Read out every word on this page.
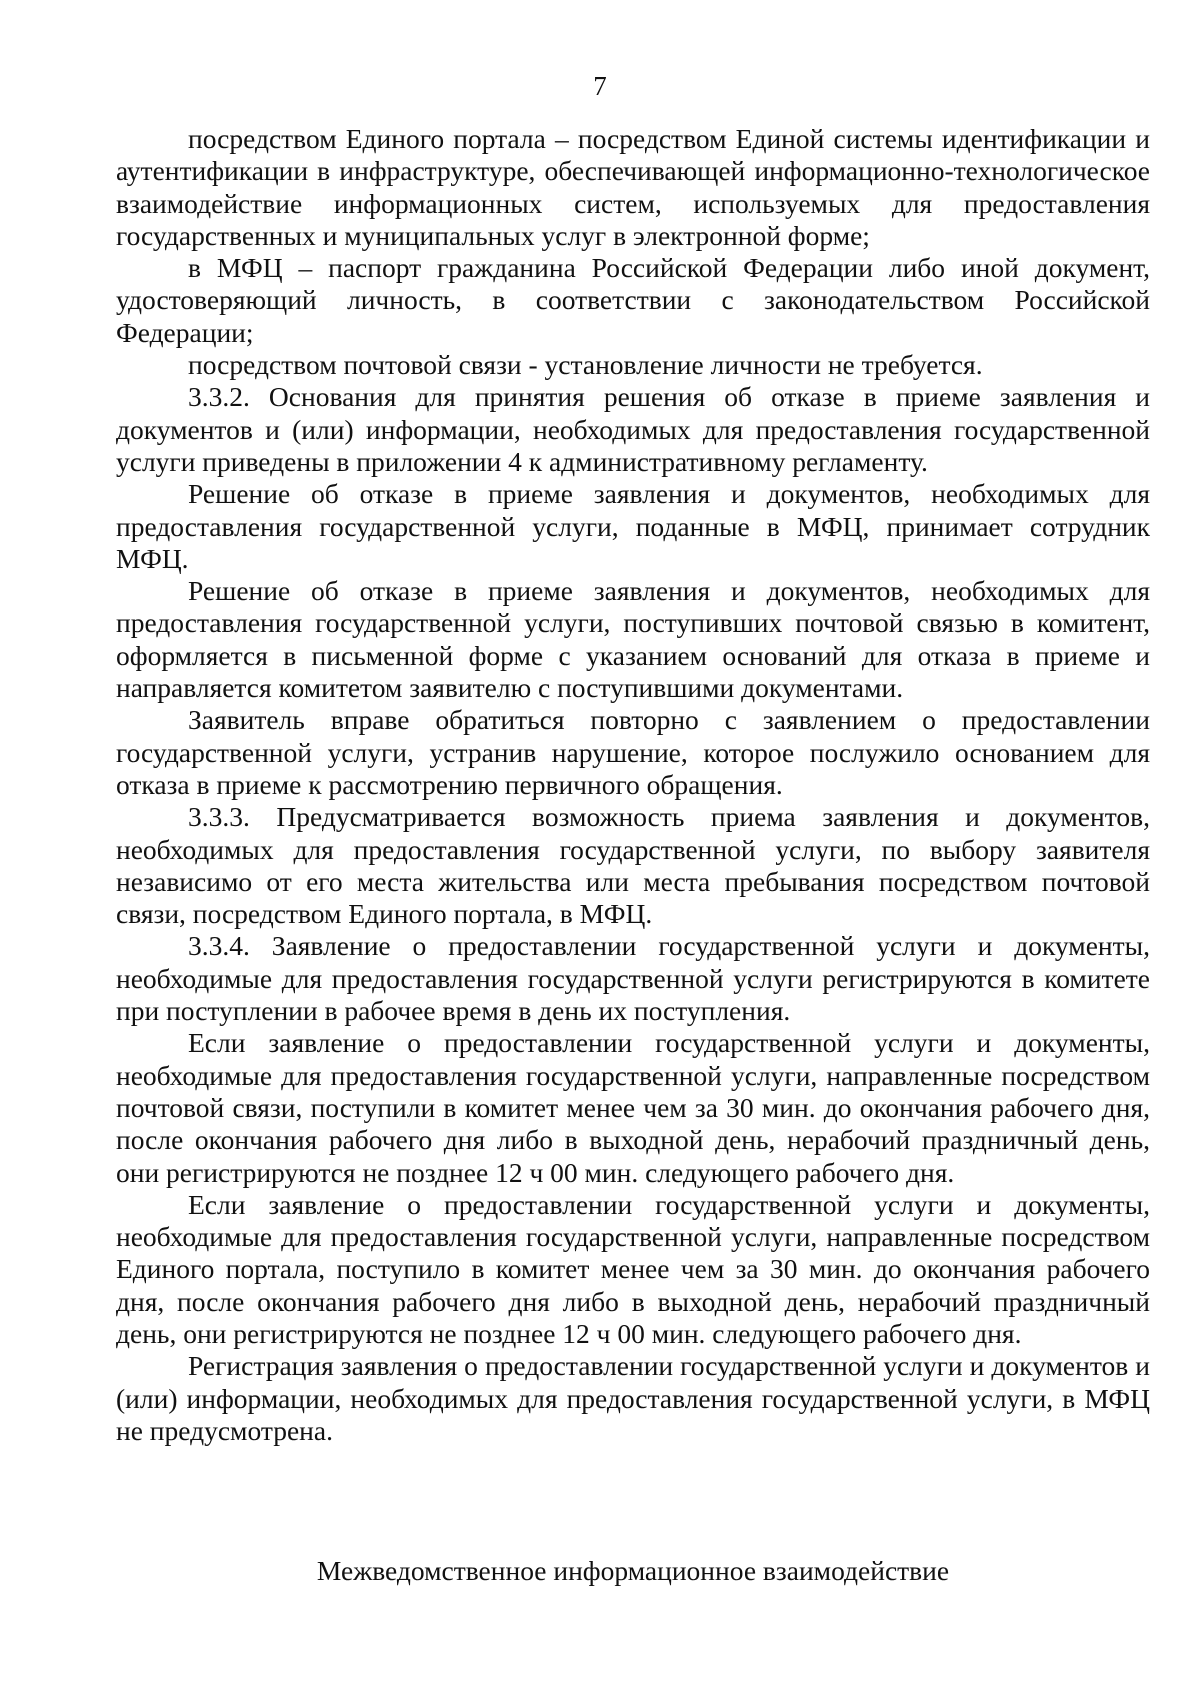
7

посредством Единого портала – посредством Единой системы идентификации и аутентификации в инфраструктуре, обеспечивающей информационно-технологическое взаимодействие информационных систем, используемых для предоставления государственных и муниципальных услуг в электронной форме;

в МФЦ – паспорт гражданина Российской Федерации либо иной документ, удостоверяющий личность, в соответствии с законодательством Российской Федерации;

посредством почтовой связи - установление личности не требуется.

3.3.2. Основания для принятия решения об отказе в приеме заявления и документов и (или) информации, необходимых для предоставления государственной услуги приведены в приложении 4 к административному регламенту.

Решение об отказе в приеме заявления и документов, необходимых для предоставления государственной услуги, поданные в МФЦ, принимает сотрудник МФЦ.

Решение об отказе в приеме заявления и документов, необходимых для предоставления государственной услуги, поступивших почтовой связью в комитент, оформляется в письменной форме с указанием оснований для отказа в приеме и направляется комитетом заявителю с поступившими документами.

Заявитель вправе обратиться повторно с заявлением о предоставлении государственной услуги, устранив нарушение, которое послужило основанием для отказа в приеме к рассмотрению первичного обращения.

3.3.3. Предусматривается возможность приема заявления и документов, необходимых для предоставления государственной услуги, по выбору заявителя независимо от его места жительства или места пребывания посредством почтовой связи, посредством Единого портала, в МФЦ.

3.3.4. Заявление о предоставлении государственной услуги и документы, необходимые для предоставления государственной услуги регистрируются в комитете при поступлении в рабочее время в день их поступления.

Если заявление о предоставлении государственной услуги и документы, необходимые для предоставления государственной услуги, направленные посредством почтовой связи, поступили в комитет менее чем за 30 мин. до окончания рабочего дня, после окончания рабочего дня либо в выходной день, нерабочий праздничный день, они регистрируются не позднее 12 ч 00 мин. следующего рабочего дня.

Если заявление о предоставлении государственной услуги и документы, необходимые для предоставления государственной услуги, направленные посредством Единого портала, поступило в комитет менее чем за 30 мин. до окончания рабочего дня, после окончания рабочего дня либо в выходной день, нерабочий праздничный день, они регистрируются не позднее 12 ч 00 мин. следующего рабочего дня.

Регистрация заявления о предоставлении государственной услуги и документов и (или) информации, необходимых для предоставления государственной услуги, в МФЦ не предусмотрена.

Межведомственное информационное взаимодействие
